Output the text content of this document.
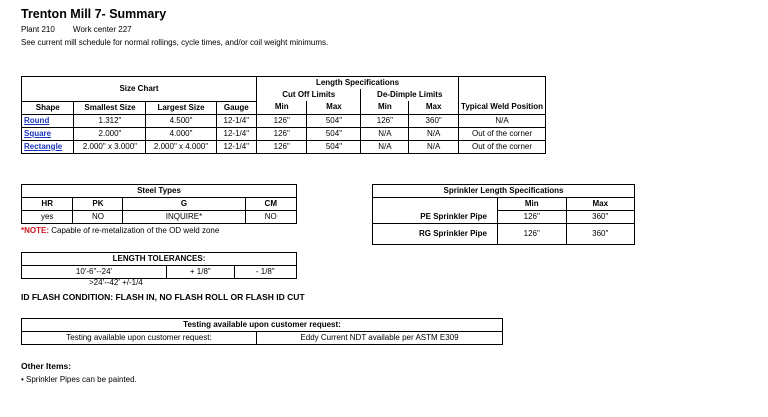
Trenton Mill 7- Summary
Plant 210 Work center 227
See current mill schedule for normal rollings, cycle times, and/or coil weight minimums.
Size Chart				Length Specifications				
				Cut Off Limits		De-Dimple Limits		
Shape	Smallest Size	Largest Size	Gauge	Min	Max	Min	Max	Typical Weld Position
Round	1.312"	4.500"	12-1/4"	126"	504"	126"	360"	N/A
Square	2.000"	4.000"	12-1/4"	126"	504"	N/A	N/A	Out of the corner
Rectangle	2.000" x 3.000"	2.000" x 4.000"	12-1/4"	126"	504"	N/A	N/A	Out of the corner
Steel Types			
HR	PK	G	CM
yes	NO	INQUIRE*	NO
*NOTE: Capable of re-metalization of the OD weld zone
LENGTH TOLERANCES:
10'-6"--24'	+ 1/8"	- 1/8"
>24'--42' +/-1/4
ID FLASH CONDITION: FLASH IN, NO FLASH ROLL OR FLASH ID CUT
Sprinkler Length Specifications		
	Min	Max
PE Sprinkler Pipe	126"	360"
RG Sprinkler Pipe	126"	360"
Testing available upon customer request:
Testing available upon customer request:	Eddy Current NDT available per ASTM E309
Other Items:
• Sprinkler Pipes can be painted.
